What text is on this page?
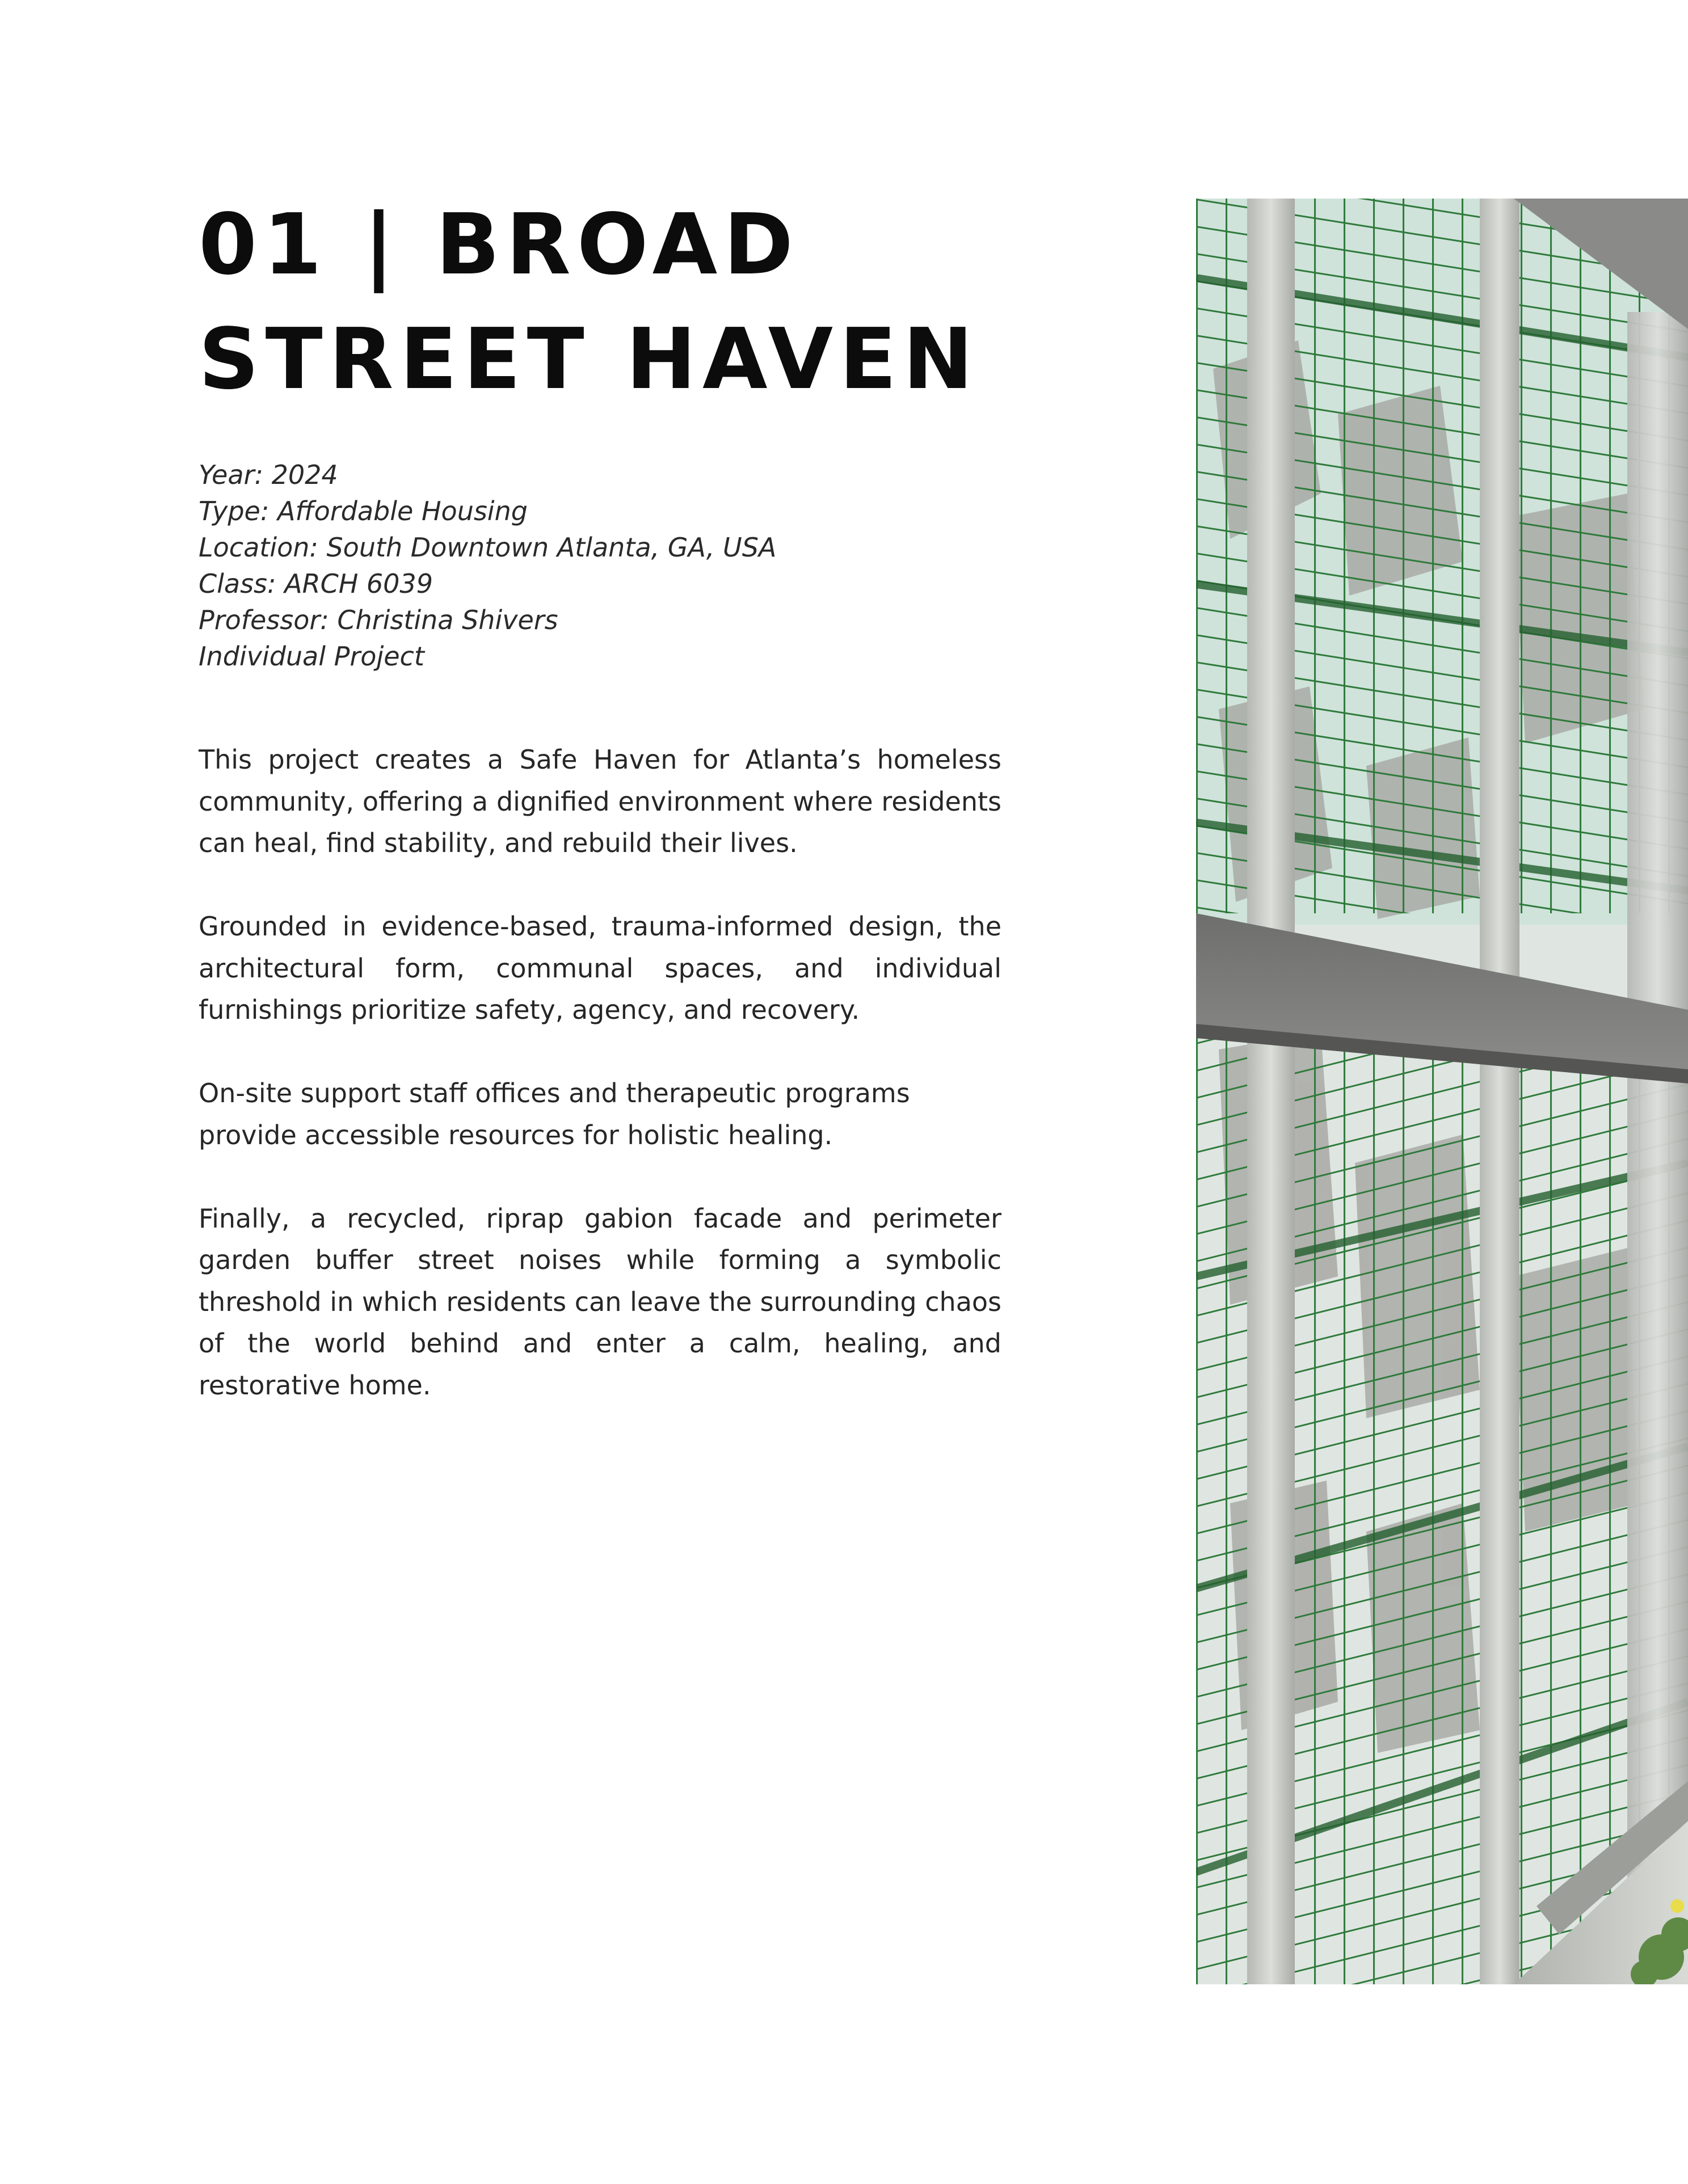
01 | BROAD
STREET HAVEN
Year: 2024
Type: Affordable Housing
Location: South Downtown Atlanta, GA, USA
Class: ARCH 6039
Professor: Christina Shivers
Individual Project

This project creates a Safe Haven for Atlanta’s homeless community, offering a dignified environment where residents can heal, find stability, and rebuild their lives.

Grounded in evidence-based, trauma-informed design, the architectural form, communal spaces, and individual furnishings prioritize safety, agency, and recovery.

On-site support staff offices and therapeutic programs provide accessible resources for holistic healing.

Finally, a recycled, riprap gabion facade and perimeter garden buffer street noises while forming a symbolic threshold in which residents can leave the surrounding chaos of the world behind and enter a calm, healing, and restorative home.
